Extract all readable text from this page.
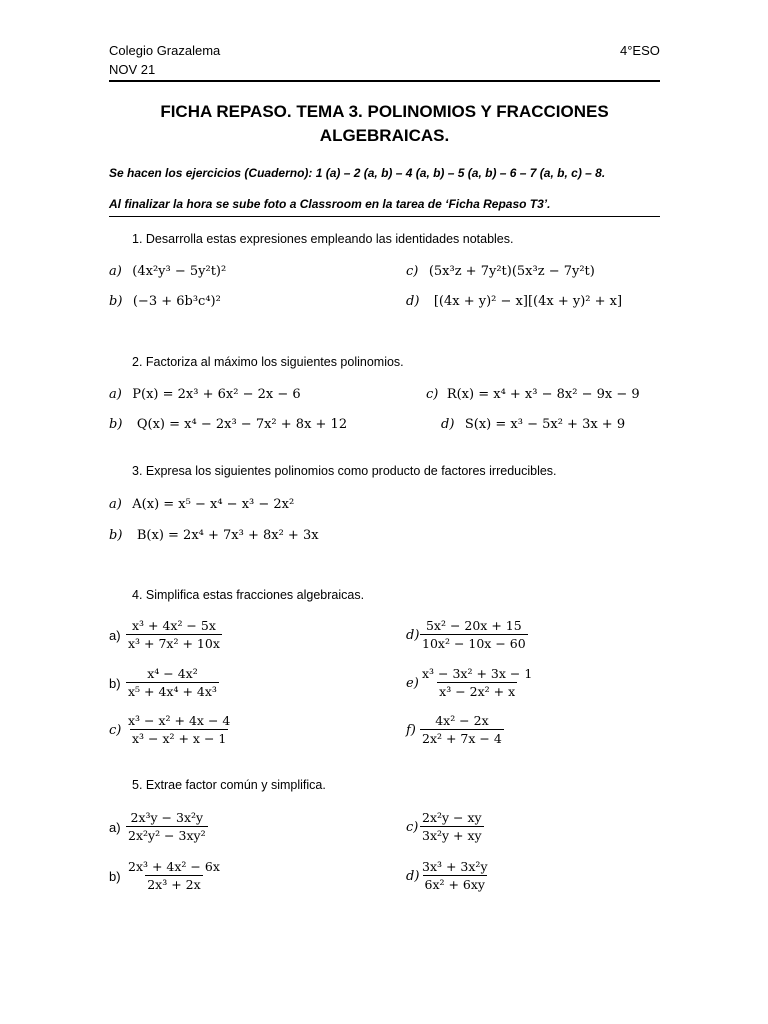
Colegio Grazalema
NOV 21
4°ESO
FICHA REPASO. TEMA 3. POLINOMIOS Y FRACCIONES
ALGEBRAICAS.
Se hacen los ejercicios (Cuaderno): 1 (a) – 2 (a, b) – 4 (a, b) – 5 (a, b) – 6 – 7 (a, b, c) – 8.
Al finalizar la hora se sube foto a Classroom en la tarea de ‘Ficha Repaso T3’.
1. Desarrolla estas expresiones empleando las identidades notables.
a) (4x²y³ − 5y²t)²	c) (5x³z + 7y²t)(5x³z − 7y²t)
b) (−3 + 6b³c⁴)²	d) [(4x + y)² − x][(4x + y)² + x]
2. Factoriza al máximo los siguientes polinomios.
a) P(x) = 2x³ + 6x² − 2x − 6	c) R(x) = x⁴ + x³ − 8x² − 9x − 9
b) Q(x) = x⁴ − 2x³ − 7x² + 8x + 12	d) S(x) = x³ − 5x² + 3x + 9
3. Expresa los siguientes polinomios como producto de factores irreducibles.
a) A(x) = x⁵ − x⁴ − x³ − 2x²
b) B(x) = 2x⁴ + 7x³ + 8x² + 3x
4. Simplifica estas fracciones algebraicas.
$a) \frac{\text{x³ + 4x² − 5x}}{\text{x³ + 7x² + 10x}}$	$d) \frac{\text{5x² − 20x + 15}}{\text{10x² − 10x − 60}}$
$b) \frac{\text{x⁴ − 4x²}}{\text{x⁵ + 4x⁴ + 4x³}}$	$e) \frac{\text{x³ − 3x² + 3x − 1}}{\text{x³ − 2x² + x}}$
$c) \frac{\text{x³ − x² + 4x − 4}}{\text{x³ − x² + x − 1}}$	$f) \frac{\text{4x² − 2x}}{\text{2x² + 7x − 4}}$
5. Extrae factor común y simplifica.
$a) \frac{\text{2x³y − 3x²y}}{\text{2x²y² − 3xy²}}$	$c) \frac{\text{2x²y − xy}}{\text{3x²y + xy}}$
$b) \frac{\text{2x³ + 4x² − 6x}}{\text{2x³ + 2x}}$	$d) \frac{\text{3x³ + 3x²y}}{\text{6x² + 6xy}}$
